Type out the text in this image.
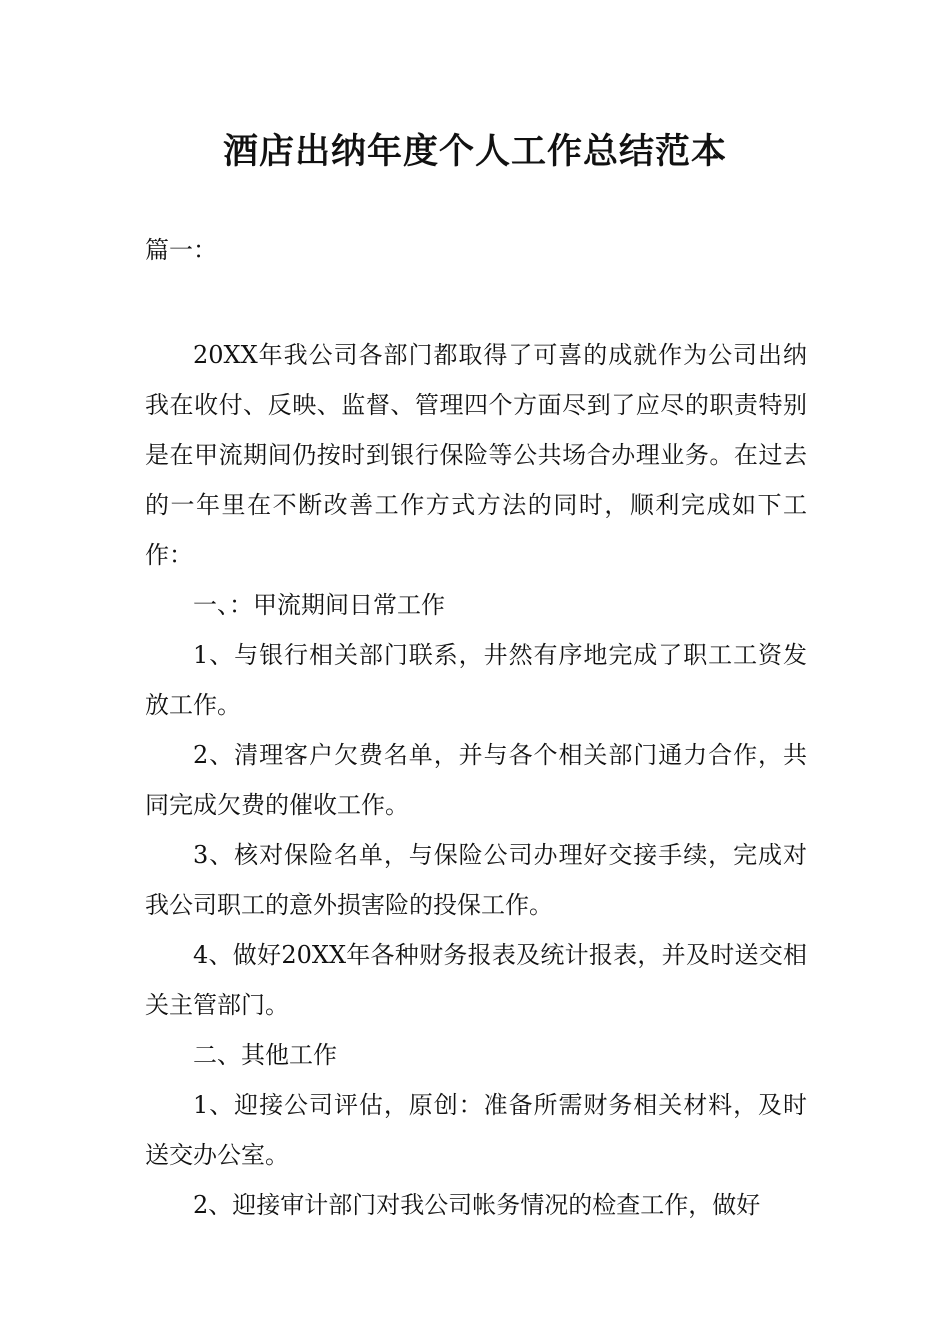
酒店出纳年度个人工作总结范本
篇一：

20XX年我公司各部门都取得了可喜的成就作为公司出纳我在收付、反映、监督、管理四个方面尽到了应尽的职责特别是在甲流期间仍按时到银行保险等公共场合办理业务。在过去的一年里在不断改善工作方式方法的同时，顺利完成如下工作：

一、：甲流期间日常工作

1、与银行相关部门联系，井然有序地完成了职工工资发放工作。

2、清理客户欠费名单，并与各个相关部门通力合作，共同完成欠费的催收工作。

3、核对保险名单，与保险公司办理好交接手续，完成对我公司职工的意外损害险的投保工作。

4、做好20XX年各种财务报表及统计报表，并及时送交相关主管部门。

二、其他工作

1、迎接公司评估，原创：准备所需财务相关材料，及时送交办公室。

2、迎接审计部门对我公司帐务情况的检查工作，做好
